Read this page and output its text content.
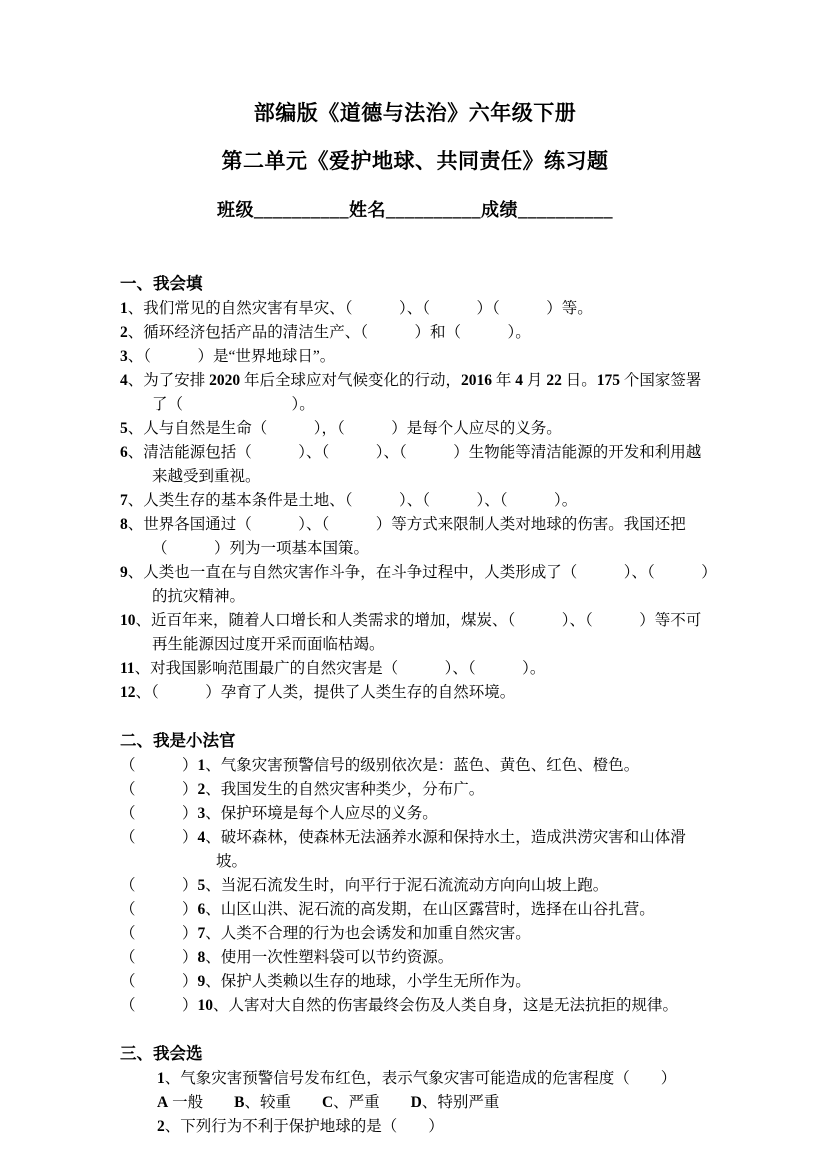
部编版《道德与法治》六年级下册
第二单元《爱护地球、共同责任》练习题
班级__________姓名__________成绩__________
一、我会填

1、我们常见的自然灾害有旱灾、（　　　）、（　　　）（　　　）等。

2、循环经济包括产品的清洁生产、（　　　）和（　　　）。

3、（　　　）是“世界地球日”。

4、为了安排 2020 年后全球应对气候变化的行动，2016 年 4 月 22 日。175 个国家签署了（　　　　　　　）。

5、人与自然是生命（　　　），（　　　）是每个人应尽的义务。

6、清洁能源包括（　　　）、（　　　）、（　　　）生物能等清洁能源的开发和利用越来越受到重视。

7、人类生存的基本条件是土地、（　　　）、（　　　）、（　　　）。

8、世界各国通过（　　　）、（　　　）等方式来限制人类对地球的伤害。我国还把（　　　）列为一项基本国策。

9、人类也一直在与自然灾害作斗争，在斗争过程中，人类形成了（　　　）、（　　　）的抗灾精神。

10、近百年来，随着人口增长和人类需求的增加，煤炭、（　　　）、（　　　）等不可再生能源因过度开采而面临枯竭。

11、对我国影响范围最广的自然灾害是（　　　）、（　　　）。

12、（　　　）孕育了人类，提供了人类生存的自然环境。

二、我是小法官

（　　　）1、气象灾害预警信号的级别依次是：蓝色、黄色、红色、橙色。

（　　　）2、我国发生的自然灾害种类少，分布广。

（　　　）3、保护环境是每个人应尽的义务。

（　　　）4、破坏森林，使森林无法涵养水源和保持水土，造成洪涝灾害和山体滑坡。

（　　　）5、当泥石流发生时，向平行于泥石流流动方向向山坡上跑。

（　　　）6、山区山洪、泥石流的高发期，在山区露营时，选择在山谷扎营。

（　　　）7、人类不合理的行为也会诱发和加重自然灾害。

（　　　）8、使用一次性塑料袋可以节约资源。

（　　　）9、保护人类赖以生存的地球，小学生无所作为。

（　　　）10、人害对大自然的伤害最终会伤及人类自身，这是无法抗拒的规律。

三、我会选

1、气象灾害预警信号发布红色，表示气象灾害可能造成的危害程度（　　）

A 一般　　B、较重　　C、严重　　D、特别严重

2、下列行为不利于保护地球的是（　　）
